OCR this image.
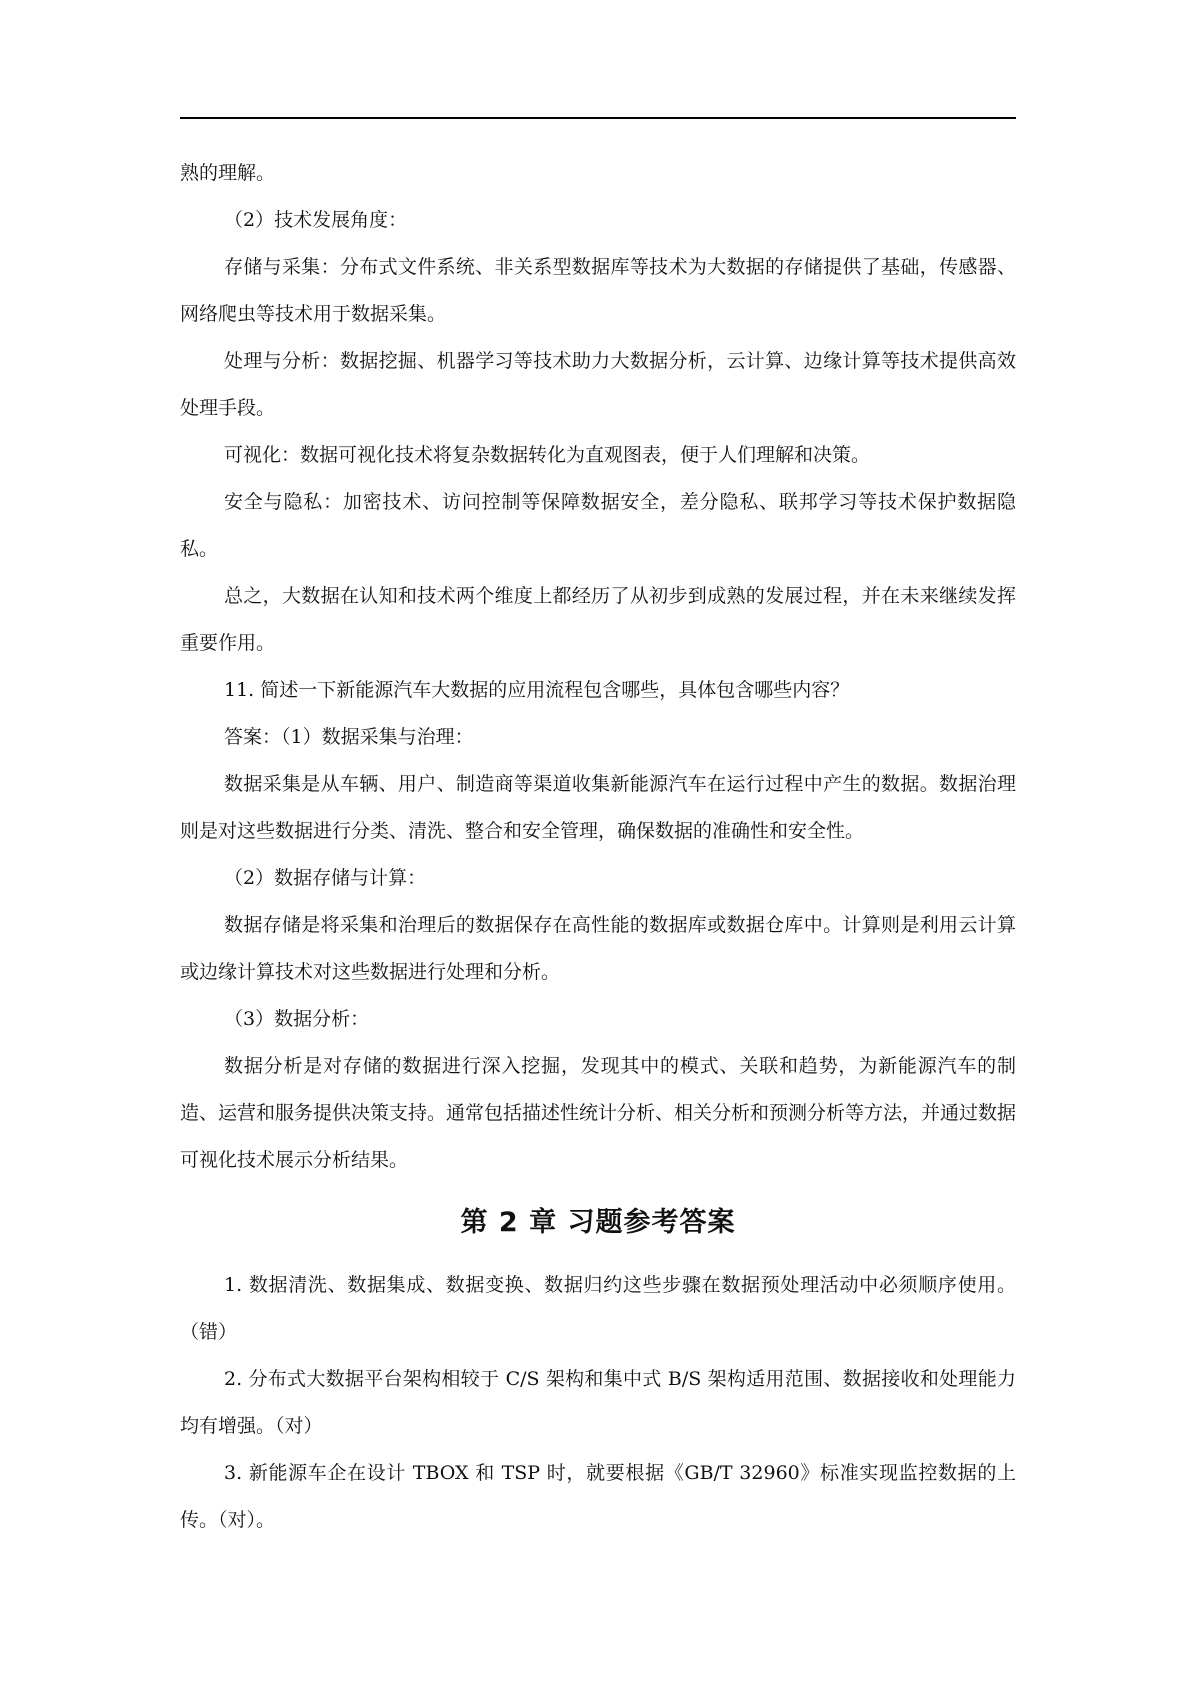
熟的理解。

（2）技术发展角度：

存储与采集：分布式文件系统、非关系型数据库等技术为大数据的存储提供了基础，传感器、网络爬虫等技术用于数据采集。

处理与分析：数据挖掘、机器学习等技术助力大数据分析，云计算、边缘计算等技术提供高效处理手段。

可视化：数据可视化技术将复杂数据转化为直观图表，便于人们理解和决策。

安全与隐私：加密技术、访问控制等保障数据安全，差分隐私、联邦学习等技术保护数据隐私。

总之，大数据在认知和技术两个维度上都经历了从初步到成熟的发展过程，并在未来继续发挥重要作用。

11. 简述一下新能源汽车大数据的应用流程包含哪些，具体包含哪些内容？

答案：（1）数据采集与治理：

数据采集是从车辆、用户、制造商等渠道收集新能源汽车在运行过程中产生的数据。数据治理则是对这些数据进行分类、清洗、整合和安全管理，确保数据的准确性和安全性。

（2）数据存储与计算：

数据存储是将采集和治理后的数据保存在高性能的数据库或数据仓库中。计算则是利用云计算或边缘计算技术对这些数据进行处理和分析。

（3）数据分析：

数据分析是对存储的数据进行深入挖掘，发现其中的模式、关联和趋势，为新能源汽车的制造、运营和服务提供决策支持。通常包括描述性统计分析、相关分析和预测分析等方法，并通过数据可视化技术展示分析结果。

第 2 章 习题参考答案

1. 数据清洗、数据集成、数据变换、数据归约这些步骤在数据预处理活动中必须顺序使用。（错）

2. 分布式大数据平台架构相较于 C/S 架构和集中式 B/S 架构适用范围、数据接收和处理能力均有增强。（对）

3. 新能源车企在设计 TBOX 和 TSP 时，就要根据《GB/T 32960》标准实现监控数据的上传。（对）。
